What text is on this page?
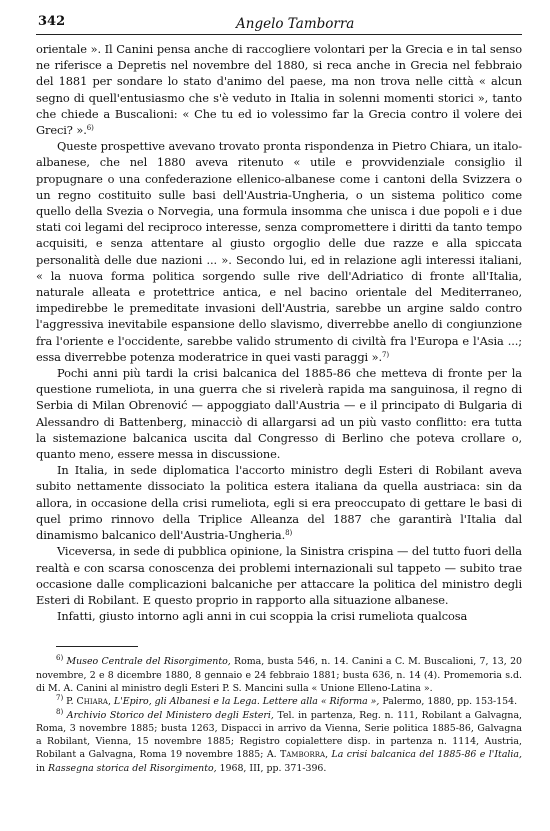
342	Angelo Tamborra

orientale ». Il Canini pensa anche di raccogliere volontari per la Grecia e in tal senso ne riferisce a Depretis nel novembre del 1880, si reca anche in Grecia nel febbraio del 1881 per sondare lo stato d'animo del paese, ma non trova nelle città « alcun segno di quell'entusiasmo che s'è veduto in Italia in solenni momenti storici », tanto che chiede a Buscalioni: « Che tu ed io volessimo far la Grecia contro il volere dei Greci? ».$^{6)}$

Queste prospettive avevano trovato pronta rispondenza in Pietro Chiara, un italo-albanese, che nel 1880 aveva ritenuto « utile e provvidenziale consiglio il propugnare o una confederazione ellenico-albanese come i cantoni della Svizzera o un regno costituito sulle basi dell'Austria-Ungheria, o un sistema politico come quello della Svezia o Norvegia, una formula insomma che unisca i due popoli e i due stati coi legami del reciproco interesse, senza compromettere i diritti da tanto tempo acquisiti, e senza attentare al giusto orgoglio delle due razze e alla spiccata personalità delle due nazioni ... ». Secondo lui, ed in relazione agli interessi italiani, « la nuova forma politica sorgendo sulle rive dell'Adriatico di fronte all'Italia, naturale alleata e protettrice antica, e nel bacino orientale del Mediterraneo, impedirebbe le premeditate invasioni dell'Austria, sarebbe un argine saldo contro l'aggressiva inevitabile espansione dello slavismo, diverrebbe anello di congiunzione fra l'oriente e l'occidente, sarebbe valido strumento di civiltà fra l'Europa e l'Asia ...; essa diverrebbe potenza moderatrice in quei vasti paraggi ».$^{7)}$

Pochi anni più tardi la crisi balcanica del 1885-86 che metteva di fronte per la questione rumeliota, in una guerra che si rivelerà rapida ma sanguinosa, il regno di Serbia di Milan Obrenović — appoggiato dall'Austria — e il principato di Bulgaria di Alessandro di Battenberg, minacciò di allargarsi ad un più vasto conflitto: era tutta la sistemazione balcanica uscita dal Congresso di Berlino che poteva crollare o, quanto meno, essere messa in discussione.

In Italia, in sede diplomatica l'accorto ministro degli Esteri di Robilant aveva subito nettamente dissociato la politica estera italiana da quella austriaca: sin da allora, in occasione della crisi rumeliota, egli si era preoccupato di gettare le basi di quel primo rinnovo della Triplice Alleanza del 1887 che garantirà l'Italia dal dinamismo balcanico dell'Austria-Ungheria.$^{8)}$

Viceversa, in sede di pubblica opinione, la Sinistra crispina — del tutto fuori della realtà e con scarsa conoscenza dei problemi internazionali sul tappeto — subito trae occasione dalle complicazioni balcaniche per attaccare la politica del ministro degli Esteri di Robilant. E questo proprio in rapporto alla situazione albanese.

Infatti, giusto intorno agli anni in cui scoppia la crisi rumeliota qualcosa

$^{6)}$ Museo Centrale del Risorgimento, Roma, busta 546, n. 14. Canini a C. M. Buscalioni, 7, 13, 20 novembre, 2 e 8 dicembre 1880, 8 gennaio e 24 febbraio 1881; busta 636, n. 14 (4). Promemoria s.d. di M. A. Canini al ministro degli Esteri P. S. Mancini sulla « Unione Elleno-Latina ».

$^{7)}$ P. Chiara, L'Epiro, gli Albanesi e la Lega. Lettere alla « Riforma », Palermo, 1880, pp. 153-154.

$^{8)}$ Archivio Storico del Ministero degli Esteri, Tel. in partenza, Reg. n. 111, Robilant a Galvagna, Roma, 3 novembre 1885; busta 1263, Dispacci in arrivo da Vienna, Serie politica 1885-86, Galvagna a Robilant, Vienna, 15 novembre 1885; Registro copialettere disp. in partenza n. 1114, Austria, Robilant a Galvagna, Roma 19 novembre 1885; A. Tamborra, La crisi balcanica del 1885-86 e l'Italia, in Rassegna storica del Risorgimento, 1968, III, pp. 371-396.
